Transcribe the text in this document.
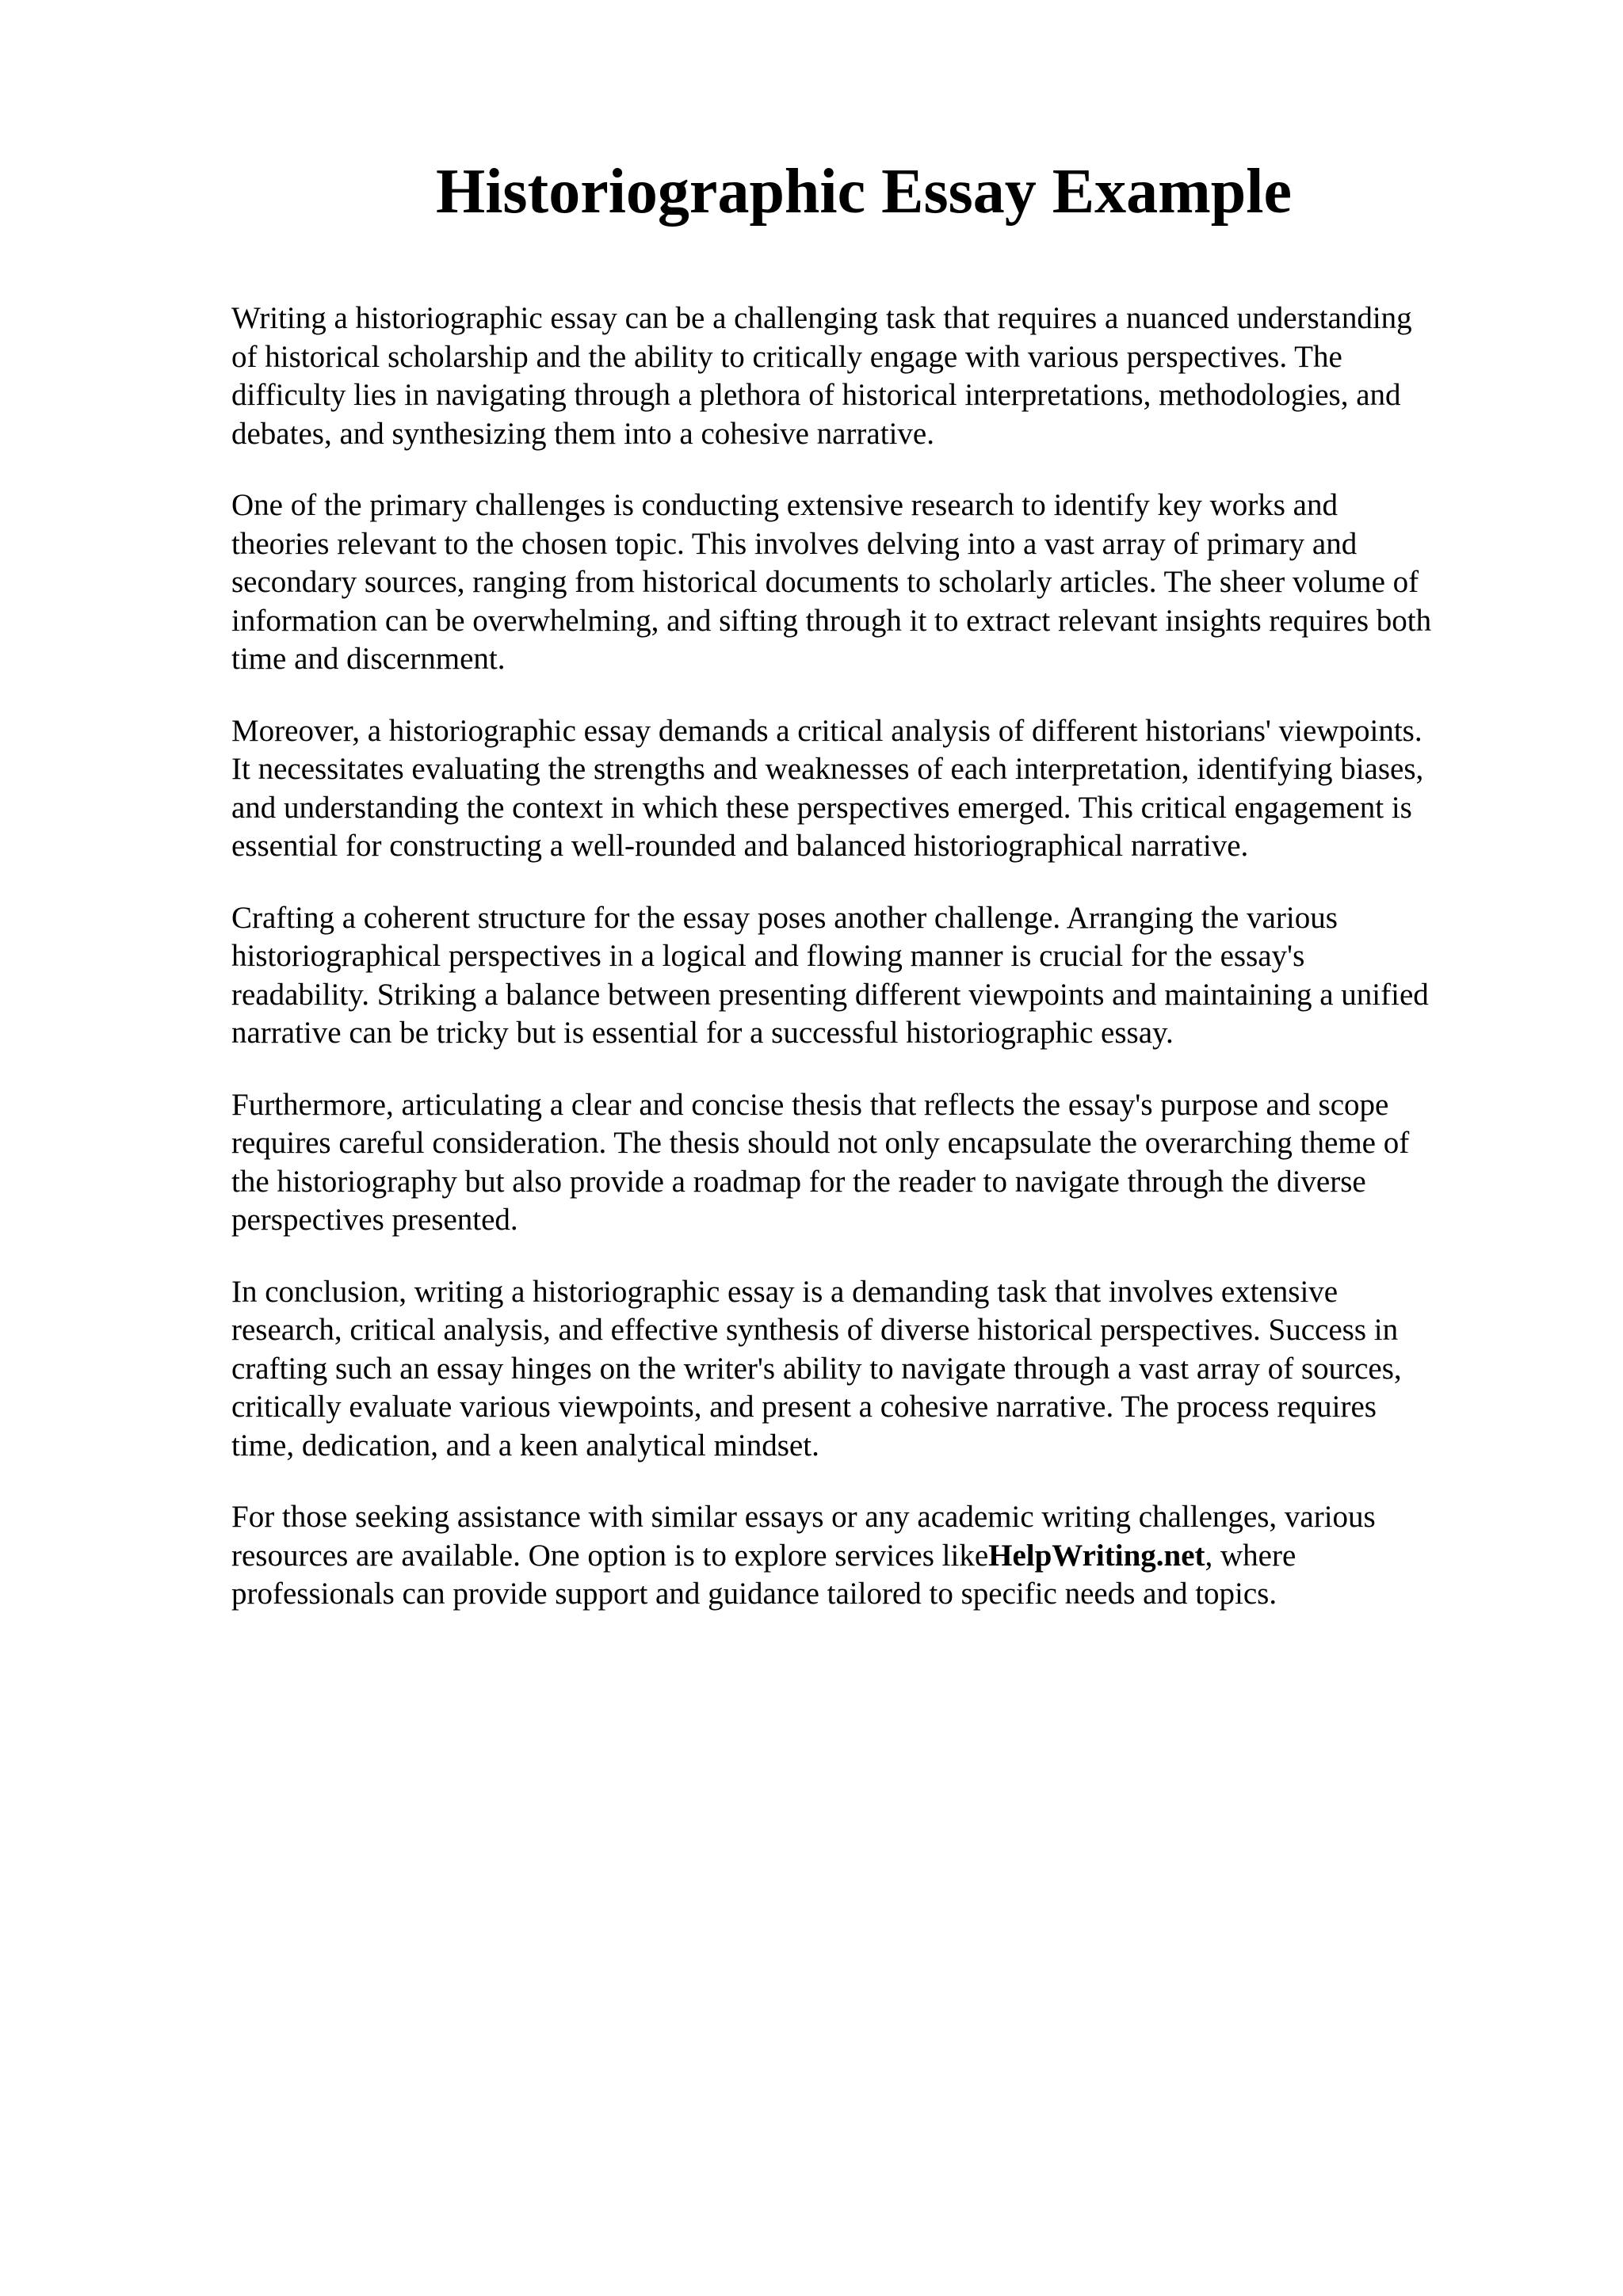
Historiographic Essay Example

Writing a historiographic essay can be a challenging task that requires a nuanced understanding
of historical scholarship and the ability to critically engage with various perspectives. The
difficulty lies in navigating through a plethora of historical interpretations, methodologies, and
debates, and synthesizing them into a cohesive narrative.

One of the primary challenges is conducting extensive research to identify key works and
theories relevant to the chosen topic. This involves delving into a vast array of primary and
secondary sources, ranging from historical documents to scholarly articles. The sheer volume of
information can be overwhelming, and sifting through it to extract relevant insights requires both
time and discernment.

Moreover, a historiographic essay demands a critical analysis of different historians' viewpoints.
It necessitates evaluating the strengths and weaknesses of each interpretation, identifying biases,
and understanding the context in which these perspectives emerged. This critical engagement is
essential for constructing a well-rounded and balanced historiographical narrative.

Crafting a coherent structure for the essay poses another challenge. Arranging the various
historiographical perspectives in a logical and flowing manner is crucial for the essay's
readability. Striking a balance between presenting different viewpoints and maintaining a unified
narrative can be tricky but is essential for a successful historiographic essay.

Furthermore, articulating a clear and concise thesis that reflects the essay's purpose and scope
requires careful consideration. The thesis should not only encapsulate the overarching theme of
the historiography but also provide a roadmap for the reader to navigate through the diverse
perspectives presented.

In conclusion, writing a historiographic essay is a demanding task that involves extensive
research, critical analysis, and effective synthesis of diverse historical perspectives. Success in
crafting such an essay hinges on the writer's ability to navigate through a vast array of sources,
critically evaluate various viewpoints, and present a cohesive narrative. The process requires
time, dedication, and a keen analytical mindset.

For those seeking assistance with similar essays or any academic writing challenges, various
resources are available. One option is to explore services likeHelpWriting.net, where
professionals can provide support and guidance tailored to specific needs and topics.
